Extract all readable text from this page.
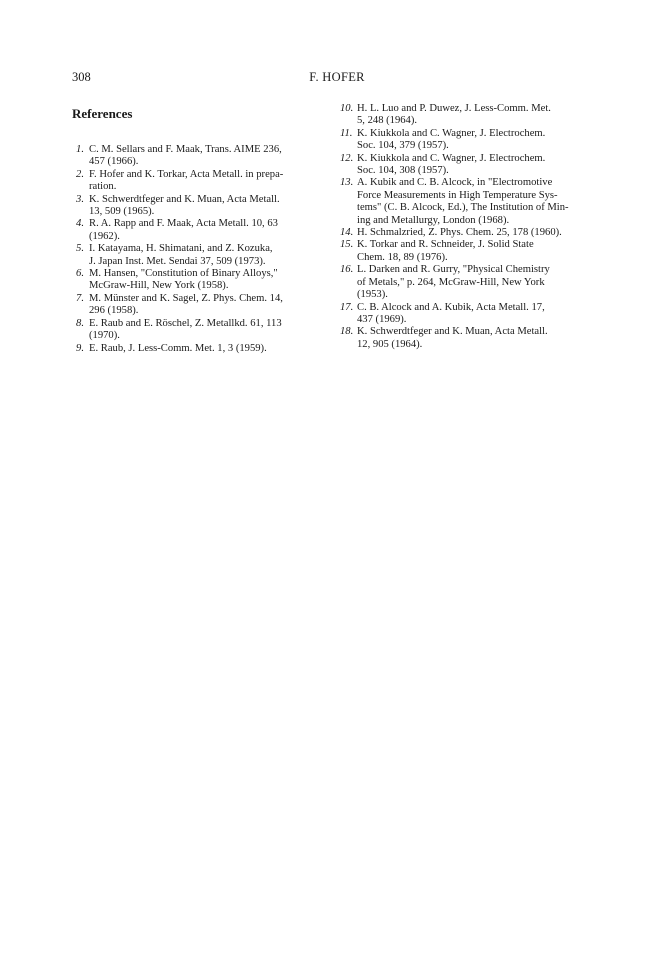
308	F. HOFER
References
1. C. M. Sellars and F. Maak, Trans. AIME 236,
457 (1966).
2. F. Hofer and K. Torkar, Acta Metall. in prepa-
ration.
3. K. Schwerdtfeger and K. Muan, Acta Metall.
13, 509 (1965).
4. R. A. Rapp and F. Maak, Acta Metall. 10, 63
(1962).
5. I. Katayama, H. Shimatani, and Z. Kozuka,
J. Japan Inst. Met. Sendai 37, 509 (1973).
6. M. Hansen, "Constitution of Binary Alloys,"
McGraw-Hill, New York (1958).
7. M. Münster and K. Sagel, Z. Phys. Chem. 14,
296 (1958).
8. E. Raub and E. Röschel, Z. Metallkd. 61, 113
(1970).
9. E. Raub, J. Less-Comm. Met. 1, 3 (1959).
10. H. L. Luo and P. Duwez, J. Less-Comm. Met.
5, 248 (1964).
11. K. Kiukkola and C. Wagner, J. Electrochem.
Soc. 104, 379 (1957).
12. K. Kiukkola and C. Wagner, J. Electrochem.
Soc. 104, 308 (1957).
13. A. Kubik and C. B. Alcock, in "Electromotive
Force Measurements in High Temperature Sys-
tems" (C. B. Alcock, Ed.), The Institution of Min-
ing and Metallurgy, London (1968).
14. H. Schmalzried, Z. Phys. Chem. 25, 178 (1960).
15. K. Torkar and R. Schneider, J. Solid State
Chem. 18, 89 (1976).
16. L. Darken and R. Gurry, "Physical Chemistry
of Metals," p. 264, McGraw-Hill, New York
(1953).
17. C. B. Alcock and A. Kubik, Acta Metall. 17,
437 (1969).
18. K. Schwerdtfeger and K. Muan, Acta Metall.
12, 905 (1964).
